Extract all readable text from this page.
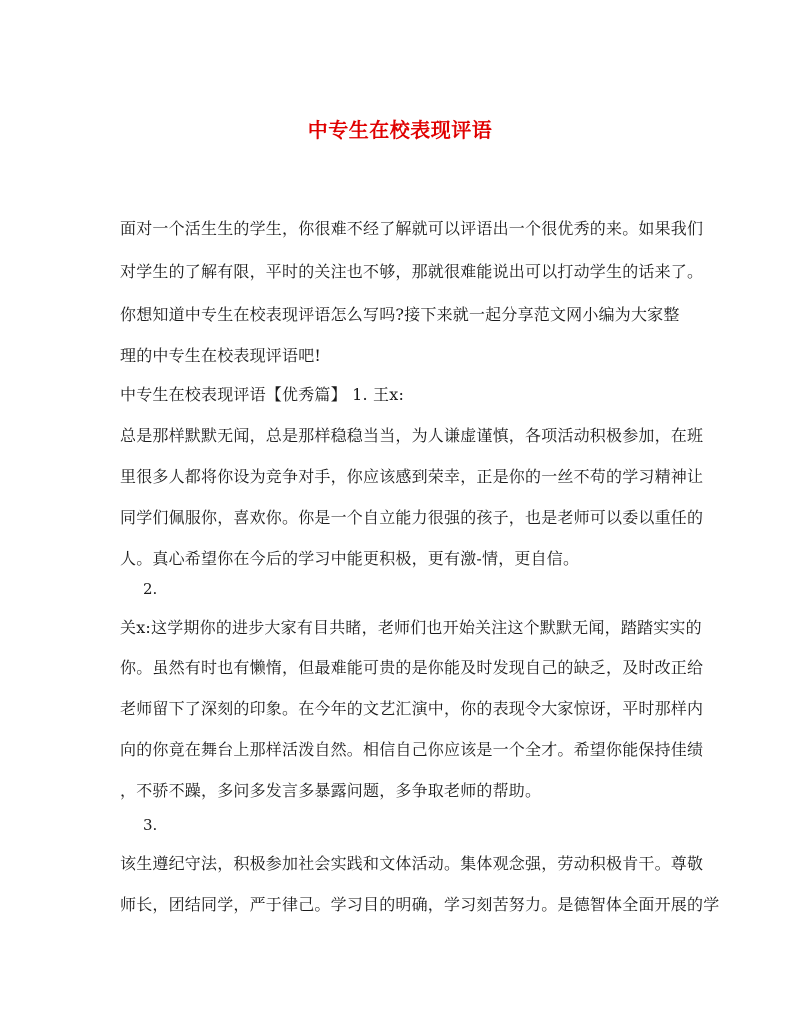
中专生在校表现评语
面对一个活生生的学生，你很难不经了解就可以评语出一个很优秀的来。如果我们
对学生的了解有限，平时的关注也不够，那就很难能说出可以打动学生的话来了。
你想知道中专生在校表现评语怎么写吗?接下来就一起分享范文网小编为大家整
理的中专生在校表现评语吧!
中专生在校表现评语【优秀篇】 1. 王x:
总是那样默默无闻，总是那样稳稳当当，为人谦虚谨慎，各项活动积极参加，在班
里很多人都将你设为竞争对手，你应该感到荣幸，正是你的一丝不苟的学习精神让
同学们佩服你，喜欢你。你是一个自立能力很强的孩子，也是老师可以委以重任的
人。真心希望你在今后的学习中能更积极，更有激-情，更自信。
2.
关x:这学期你的进步大家有目共睹，老师们也开始关注这个默默无闻，踏踏实实的
你。虽然有时也有懒惰，但最难能可贵的是你能及时发现自己的缺乏，及时改正给
老师留下了深刻的印象。在今年的文艺汇演中，你的表现令大家惊讶，平时那样内
向的你竟在舞台上那样活泼自然。相信自己你应该是一个全才。希望你能保持佳绩
，不骄不躁，多问多发言多暴露问题，多争取老师的帮助。
3.
该生遵纪守法，积极参加社会实践和文体活动。集体观念强，劳动积极肯干。尊敬
师长，团结同学，严于律己。学习目的明确，学习刻苦努力。是德智体全面开展的学
